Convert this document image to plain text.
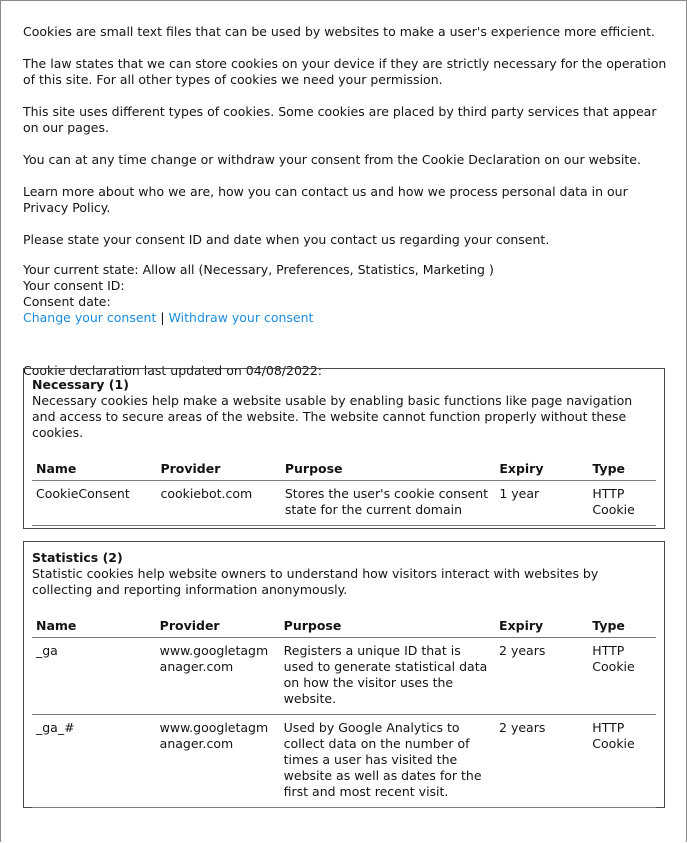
Cookies are small text files that can be used by websites to make a user's experience more efficient.

The law states that we can store cookies on your device if they are strictly necessary for the operation of this site. For all other types of cookies we need your permission.

This site uses different types of cookies. Some cookies are placed by third party services that appear on our pages.

You can at any time change or withdraw your consent from the Cookie Declaration on our website.

Learn more about who we are, how you can contact us and how we process personal data in our Privacy Policy.

Please state your consent ID and date when you contact us regarding your consent.

Your current state: Allow all (Necessary, Preferences, Statistics, Marketing )

Your consent ID:

Consent date:

Change your consent | Withdraw your consent

Cookie declaration last updated on 04/08/2022:

Necessary (1)
Necessary cookies help make a website usable by enabling basic functions like page navigation and access to secure areas of the website. The website cannot function properly without these cookies.
Name	Provider	Purpose	Expiry	Type
CookieConsent	cookiebot.com	Stores the user's cookie consent state for the current domain	1 year	HTTP Cookie
Statistics (2)
Statistic cookies help website owners to understand how visitors interact with websites by collecting and reporting information anonymously.
Name	Provider	Purpose	Expiry	Type
_ga	www.googletagmanager.com	Registers a unique ID that is used to generate statistical data on how the visitor uses the website.	2 years	HTTP Cookie
_ga_#	www.googletagmanager.com	Used by Google Analytics to collect data on the number of times a user has visited the website as well as dates for the first and most recent visit.	2 years	HTTP Cookie
